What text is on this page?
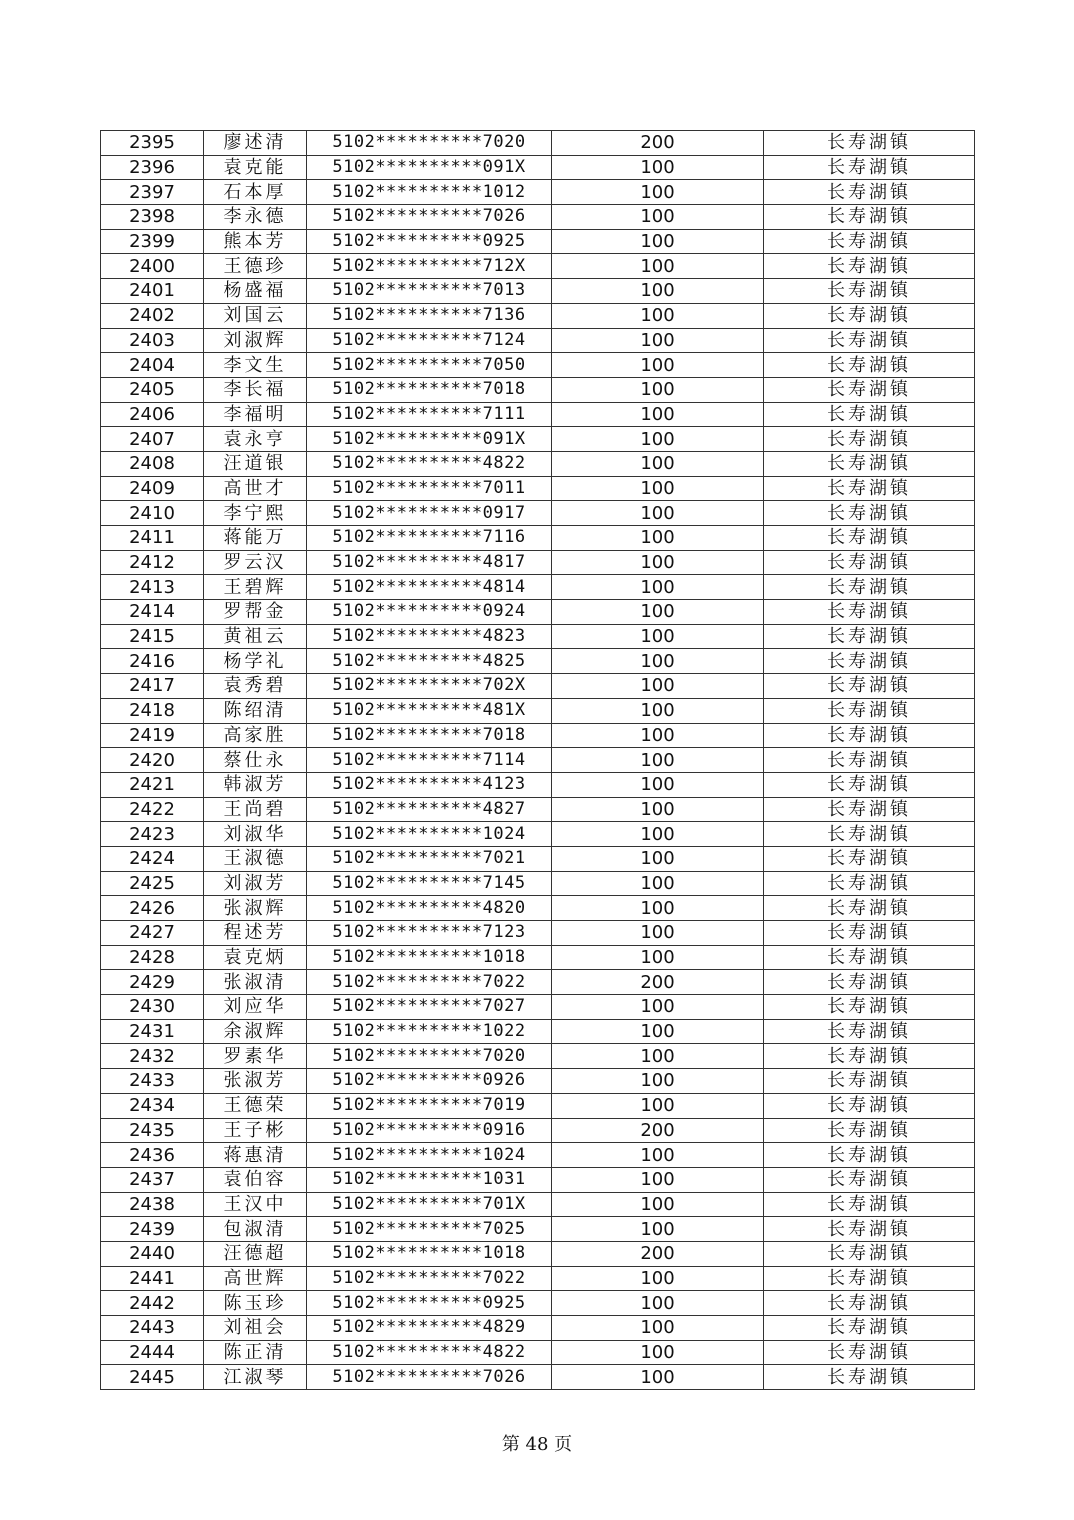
2395	廖述清	5102**********7020	200	长寿湖镇
2396	袁克能	5102**********091X	100	长寿湖镇
2397	石本厚	5102**********1012	100	长寿湖镇
2398	李永德	5102**********7026	100	长寿湖镇
2399	熊本芳	5102**********0925	100	长寿湖镇
2400	王德珍	5102**********712X	100	长寿湖镇
2401	杨盛福	5102**********7013	100	长寿湖镇
2402	刘国云	5102**********7136	100	长寿湖镇
2403	刘淑辉	5102**********7124	100	长寿湖镇
2404	李文生	5102**********7050	100	长寿湖镇
2405	李长福	5102**********7018	100	长寿湖镇
2406	李福明	5102**********7111	100	长寿湖镇
2407	袁永亨	5102**********091X	100	长寿湖镇
2408	汪道银	5102**********4822	100	长寿湖镇
2409	高世才	5102**********7011	100	长寿湖镇
2410	李宁熙	5102**********0917	100	长寿湖镇
2411	蒋能万	5102**********7116	100	长寿湖镇
2412	罗云汉	5102**********4817	100	长寿湖镇
2413	王碧辉	5102**********4814	100	长寿湖镇
2414	罗帮金	5102**********0924	100	长寿湖镇
2415	黄祖云	5102**********4823	100	长寿湖镇
2416	杨学礼	5102**********4825	100	长寿湖镇
2417	袁秀碧	5102**********702X	100	长寿湖镇
2418	陈绍清	5102**********481X	100	长寿湖镇
2419	高家胜	5102**********7018	100	长寿湖镇
2420	蔡仕永	5102**********7114	100	长寿湖镇
2421	韩淑芳	5102**********4123	100	长寿湖镇
2422	王尚碧	5102**********4827	100	长寿湖镇
2423	刘淑华	5102**********1024	100	长寿湖镇
2424	王淑德	5102**********7021	100	长寿湖镇
2425	刘淑芳	5102**********7145	100	长寿湖镇
2426	张淑辉	5102**********4820	100	长寿湖镇
2427	程述芳	5102**********7123	100	长寿湖镇
2428	袁克炳	5102**********1018	100	长寿湖镇
2429	张淑清	5102**********7022	200	长寿湖镇
2430	刘应华	5102**********7027	100	长寿湖镇
2431	余淑辉	5102**********1022	100	长寿湖镇
2432	罗素华	5102**********7020	100	长寿湖镇
2433	张淑芳	5102**********0926	100	长寿湖镇
2434	王德荣	5102**********7019	100	长寿湖镇
2435	王子彬	5102**********0916	200	长寿湖镇
2436	蒋惠清	5102**********1024	100	长寿湖镇
2437	袁伯容	5102**********1031	100	长寿湖镇
2438	王汉中	5102**********701X	100	长寿湖镇
2439	包淑清	5102**********7025	100	长寿湖镇
2440	汪德超	5102**********1018	200	长寿湖镇
2441	高世辉	5102**********7022	100	长寿湖镇
2442	陈玉珍	5102**********0925	100	长寿湖镇
2443	刘祖会	5102**********4829	100	长寿湖镇
2444	陈正清	5102**********4822	100	长寿湖镇
2445	江淑琴	5102**********7026	100	长寿湖镇
第 48 页
